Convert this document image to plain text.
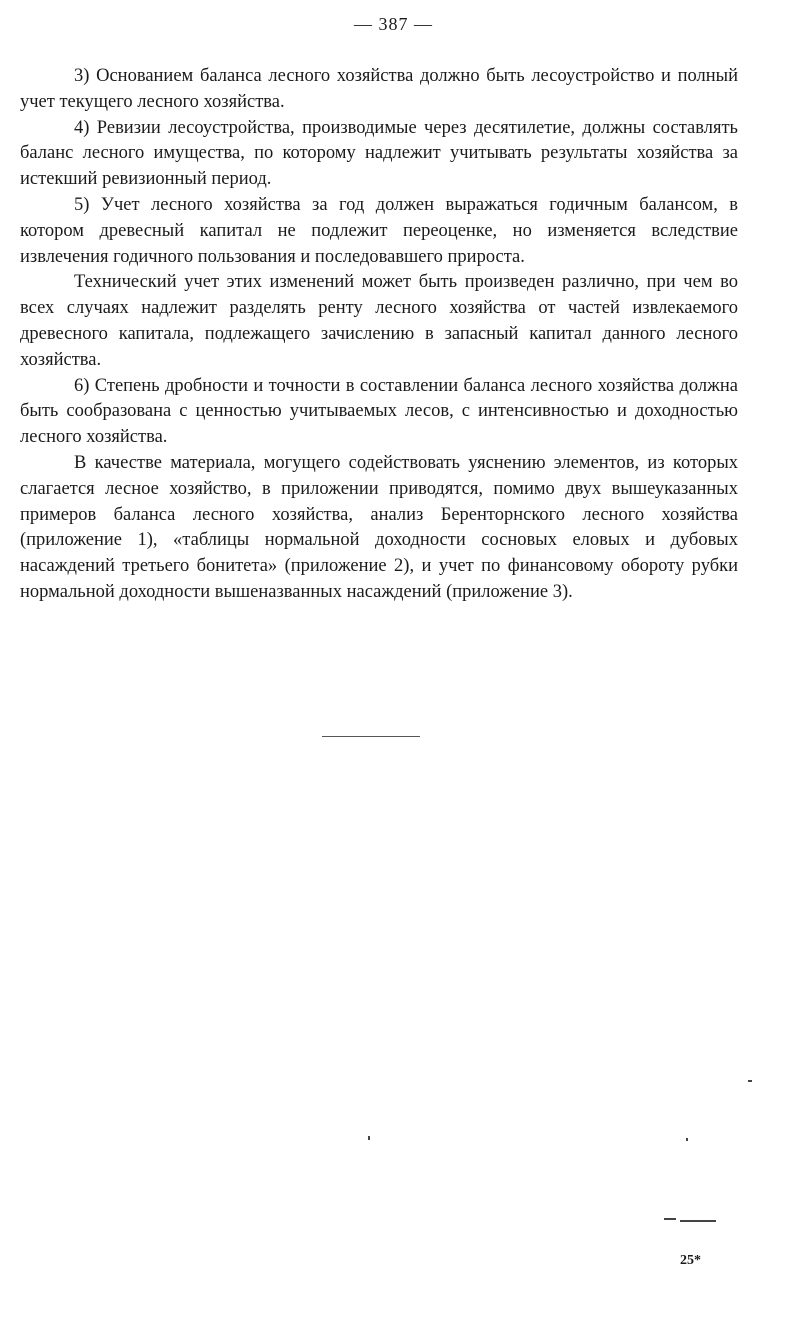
— 387 —

3) Основанием баланса лесного хозяйства должно быть лесоустройство и полный учет текущего лесного хозяйства.

4) Ревизии лесоустройства, производимые через десятилетие, должны составлять баланс лесного имущества, по которому надлежит учитывать результаты хозяйства за истекший ревизионный период.

5) Учет лесного хозяйства за год должен выражаться годичным балансом, в котором древесный капитал не подлежит переоценке, но изменяется вследствие извлечения годичного пользования и последовавшего прироста.

Технический учет этих изменений может быть произведен различно, при чем во всех случаях надлежит разделять ренту лесного хозяйства от частей извлекаемого древесного капитала, подлежащего зачислению в запасный капитал данного лесного хозяйства.

6) Степень дробности и точности в составлении баланса лесного хозяйства должна быть сообразована с ценностью учитываемых лесов, с интенсивностью и доходностью лесного хозяйства.

В качестве материала, могущего содействовать уяснению элементов, из которых слагается лесное хозяйство, в приложении приводятся, помимо двух вышеуказанных примеров баланса лесного хозяйства, анализ Беренторнского лесного хозяйства (приложение 1), «таблицы нормальной доходности сосновых еловых и дубовых насаждений третьего бонитета» (приложение 2), и учет по финансовому обороту рубки нормальной доходности вышеназванных насаждений (приложение 3).

25*
